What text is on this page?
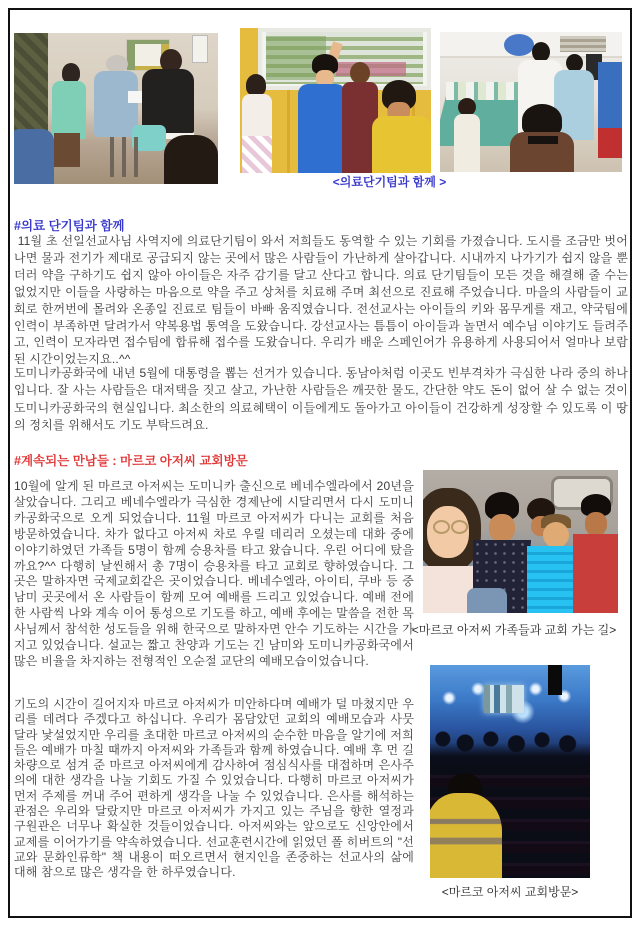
<의료단기팀과 함께 >
#의료 단기팀과 함께
11월 초 선일선교사님 사역지에 의료단기팀이 와서 저희들도 동역할 수 있는 기회를 가졌습니다. 도시를 조금만 벗어나면 물과 전기가 제대로 공급되지 않는 곳에서 많은 사람들이 가난하게 살아갑니다. 시내까지 나가기가 쉽지 않을 뿐더러 약을 구하기도 쉽지 않아 아이들은 자주 감기를 달고 산다고 합니다. 의료 단기팀들이 모든 것을 해결해 줄 수는 없었지만 이들을 사랑하는 마음으로 약을 주고 상처를 치료해 주며 최선으로 진료해 주었습니다. 마을의 사람들이 교회로 한꺼번에 몰려와 온종일 진료로 팀들이 바빠 움직였습니다. 전선교사는 아이들의 키와 몸무게를 재고, 약국팀에 인력이 부족하면 달려가서 약복용법 통역을 도왔습니다. 강선교사는 틈틈이 아이들과 놀면서 예수님 이야기도 들려주고, 인력이 모자라면 접수팀에 합류해 접수를 도왔습니다. 우리가 배운 스페인어가 유용하게 사용되어서 얼마나 보람된 시간이었는지요..^^
도미니카공화국에 내년 5월에 대통령을 뽑는 선거가 있습니다. 동남아처럼 이곳도 빈부격차가 극심한 나라 중의 하나입니다. 잘 사는 사람들은 대저택을 짓고 살고, 가난한 사람들은 깨끗한 물도, 간단한 약도 돈이 없어 살 수 없는 것이 도미니카공화국의 현실입니다. 최소한의 의료혜택이 이들에게도 돌아가고 아이들이 건강하게 성장할 수 있도록 이 땅의 정치를 위해서도 기도 부탁드려요.
#계속되는 만남들 : 마르코 아저씨 교회방문
10월에 알게 된 마르코 아저씨는 도미니카 출신으로 베네수엘라에서 20년을 살았습니다. 그리고 베네수엘라가 극심한 경제난에 시달리면서 다시 도미니카공화국으로 오게 되었습니다. 11월 마르코 아저씨가 다니는 교회를 처음 방문하였습니다. 차가 없다고 아저씨 차로 우릴 데리러 오셨는데 대화 중에 이야기하였던 가족들 5명이 함께 승용차를 타고 왔습니다. 우린 어디에 탔을까요?^^ 다행히 날씬해서 총 7명이 승용차를 타고 교회로 향하였습니다. 그곳은 말하자면 국제교회같은 곳이었습니다. 베네수엘라, 아이티, 쿠바 등 중남미 곳곳에서 온 사람들이 함께 모여 예배를 드리고 있었습니다. 예배 전에 한 사람씩 나와 계속 이어 통성으로 기도를 하고, 예배 후에는 말씀을 전한 목사님께서 참석한 성도들을 위해 한국으로 말하자면 안수 기도하는 시간을 가지고 있었습니다. 설교는 짧고 찬양과 기도는 긴 남미와 도미니카공화국에서 많은 비율을 차지하는 전형적인 오순절 교단의 예배모습이었습니다.
기도의 시간이 길어지자 마르코 아저씨가 미안하다며 예배가 덜 마쳤지만 우리를 데려다 주겠다고 하십니다. 우리가 몸담았던 교회의 예배모습과 사뭇 달라 낯설었지만 우리를 초대한 마르코 아저씨의 순수한 마음을 알기에 저희들은 예배가 마칠 때까지 아저씨와 가족들과 함께 하였습니다. 예배 후 먼 길 차량으로 섬겨 준 마르코 아저씨에게 감사하여 점심식사를 대접하며 은사주의에 대한 생각을 나눌 기회도 가질 수 있었습니다. 다행히 마르코 아저씨가 먼저 주제를 꺼내 주어 편하게 생각을 나눌 수 있었습니다. 은사를 해석하는 관점은 우리와 달랐지만 마르코 아저씨가 가지고 있는 주님을 향한 열정과 구원관은 너무나 확실한 것들이었습니다. 아저씨와는 앞으로도 신앙안에서 교제를 이어가기를 약속하였습니다. 선교훈련시간에 읽었던 폴 히버트의 "선교와 문화인류학" 책 내용이 떠오르면서 현지인을 존중하는 선교사의 삶에 대해 참으로 많은 생각을 한 하루였습니다.
<마르코 아저씨 가족들과 교회 가는 길>
<마르코 아저씨 교회방문>
